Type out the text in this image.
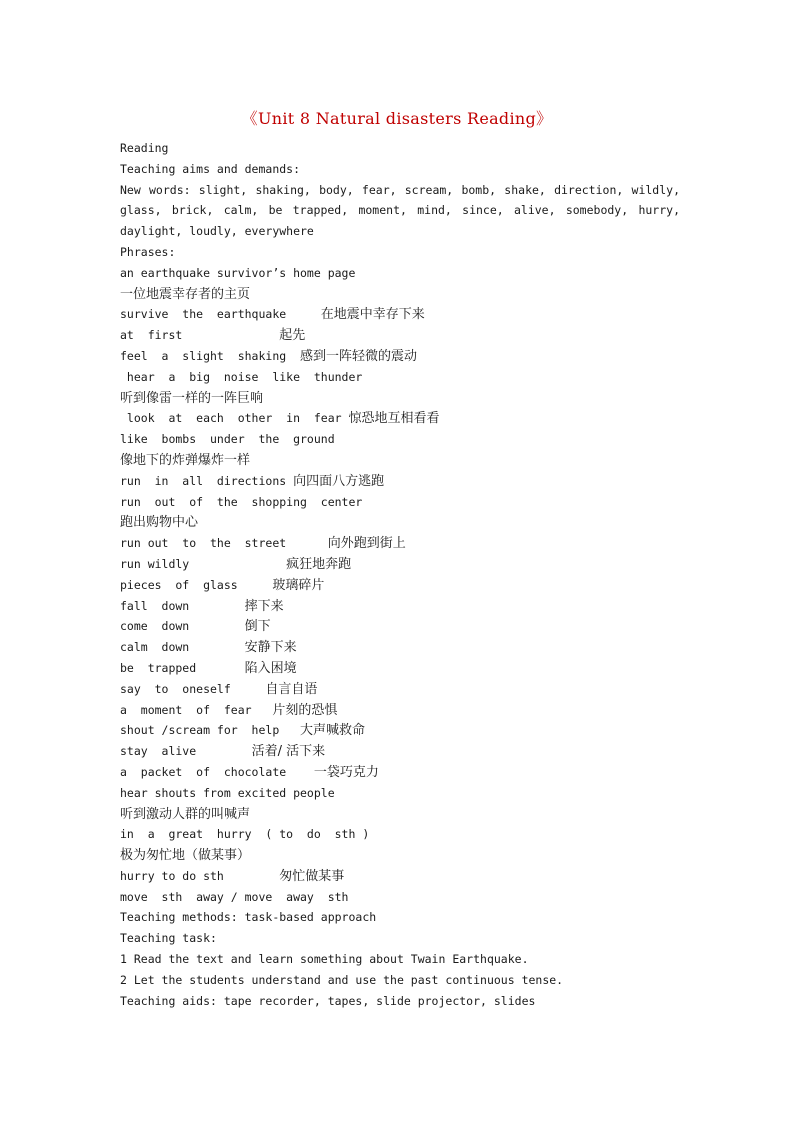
《Unit 8 Natural disasters Reading》
Reading
Teaching aims and demands:
New words: slight, shaking, body, fear, scream, bomb, shake, direction, wildly, glass, brick, calm, be trapped, moment, mind, since, alive, somebody, hurry, daylight, loudly, everywhere
Phrases:
an earthquake survivor’s home page
一位地震幸存者的主页
survive  the  earthquake     在地震中幸存下来
at  first              起先
feel  a  slight  shaking  感到一阵轻微的震动
hear  a  big  noise  like  thunder
听到像雷一样的一阵巨响
look  at  each  other  in  fear 惊恐地互相看看
like  bombs  under  the  ground
像地下的炸弹爆炸一样
run  in  all  directions 向四面八方逃跑
run  out  of  the  shopping  center
跑出购物中心
run out  to  the  street      向外跑到街上
run wildly              疯狂地奔跑
pieces  of  glass     玻璃碎片
fall  down        摔下来
come  down        倒下
calm  down        安静下来
be  trapped       陷入困境
say  to  oneself     自言自语
a  moment  of  fear   片刻的恐惧
shout /scream for  help   大声喊救命
stay  alive        活着/ 活下来
a  packet  of  chocolate    一袋巧克力
hear shouts from excited people
听到激动人群的叫喊声
in  a  great  hurry  ( to  do  sth )
极为匆忙地（做某事）
hurry to do sth        匆忙做某事
move  sth  away / move  away  sth
Teaching methods: task-based approach
Teaching task:
1 Read the text and learn something about Twain Earthquake.
2 Let the students understand and use the past continuous tense.
Teaching aids: tape recorder, tapes, slide projector, slides
